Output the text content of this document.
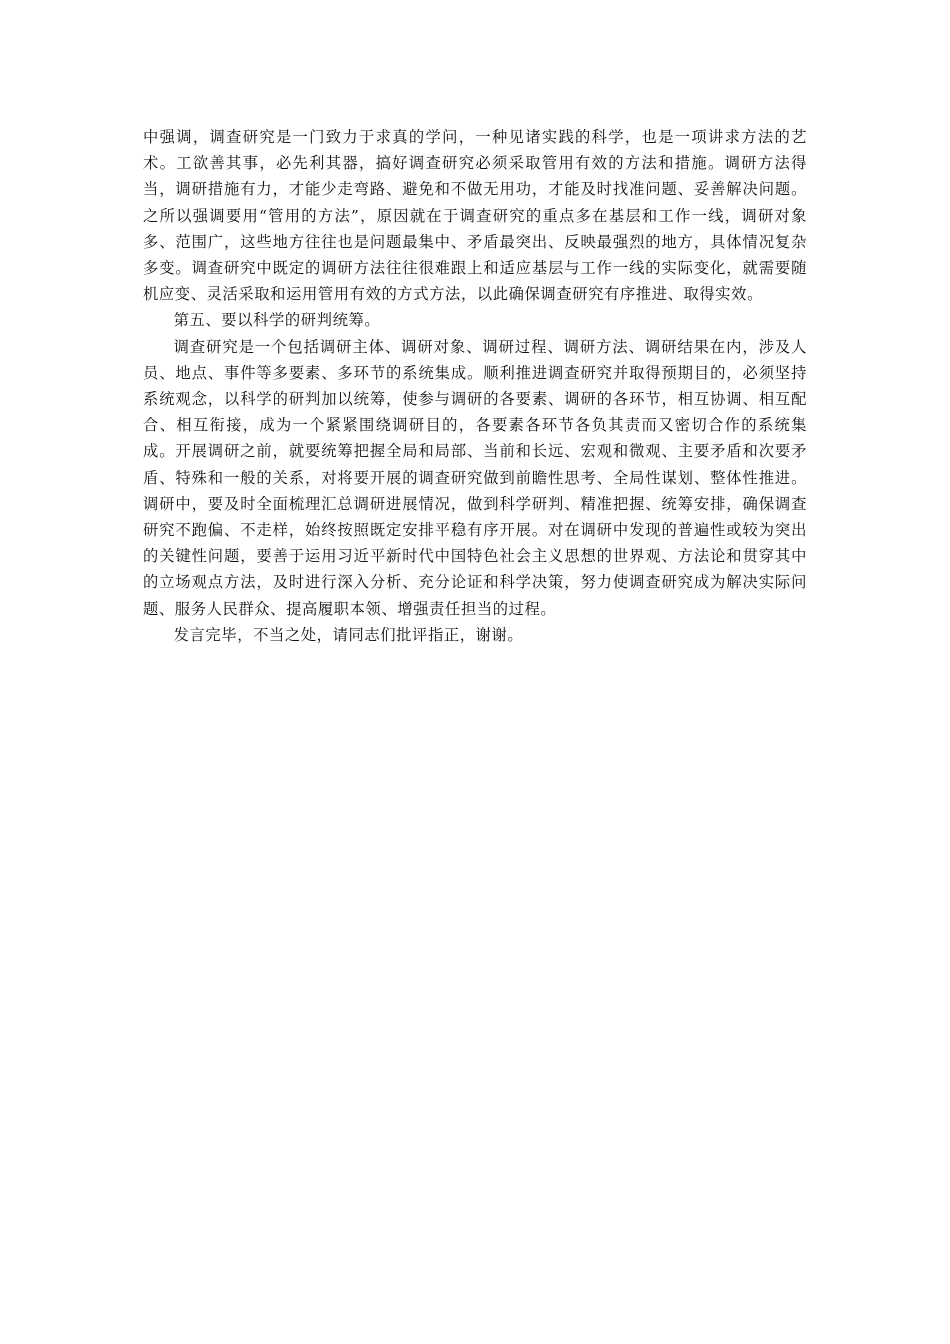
中强调，调查研究是一门致力于求真的学问，一种见诸实践的科学，也是一项讲求方法的艺术。工欲善其事，必先利其器，搞好调查研究必须采取管用有效的方法和措施。调研方法得当，调研措施有力，才能少走弯路、避免和不做无用功，才能及时找准问题、妥善解决问题。之所以强调要用“管用的方法”，原因就在于调查研究的重点多在基层和工作一线，调研对象多、范围广，这些地方往往也是问题最集中、矛盾最突出、反映最强烈的地方，具体情况复杂多变。调查研究中既定的调研方法往往很难跟上和适应基层与工作一线的实际变化，就需要随机应变、灵活采取和运用管用有效的方式方法，以此确保调查研究有序推进、取得实效。

第五、要以科学的研判统筹。

调查研究是一个包括调研主体、调研对象、调研过程、调研方法、调研结果在内，涉及人员、地点、事件等多要素、多环节的系统集成。顺利推进调查研究并取得预期目的，必须坚持系统观念，以科学的研判加以统筹，使参与调研的各要素、调研的各环节，相互协调、相互配合、相互衔接，成为一个紧紧围绕调研目的，各要素各环节各负其责而又密切合作的系统集成。开展调研之前，就要统筹把握全局和局部、当前和长远、宏观和微观、主要矛盾和次要矛盾、特殊和一般的关系，对将要开展的调查研究做到前瞻性思考、全局性谋划、整体性推进。调研中，要及时全面梳理汇总调研进展情况，做到科学研判、精准把握、统筹安排，确保调查研究不跑偏、不走样，始终按照既定安排平稳有序开展。对在调研中发现的普遍性或较为突出的关键性问题，要善于运用习近平新时代中国特色社会主义思想的世界观、方法论和贯穿其中的立场观点方法，及时进行深入分析、充分论证和科学决策，努力使调查研究成为解决实际问题、服务人民群众、提高履职本领、增强责任担当的过程。

发言完毕，不当之处，请同志们批评指正，谢谢。
